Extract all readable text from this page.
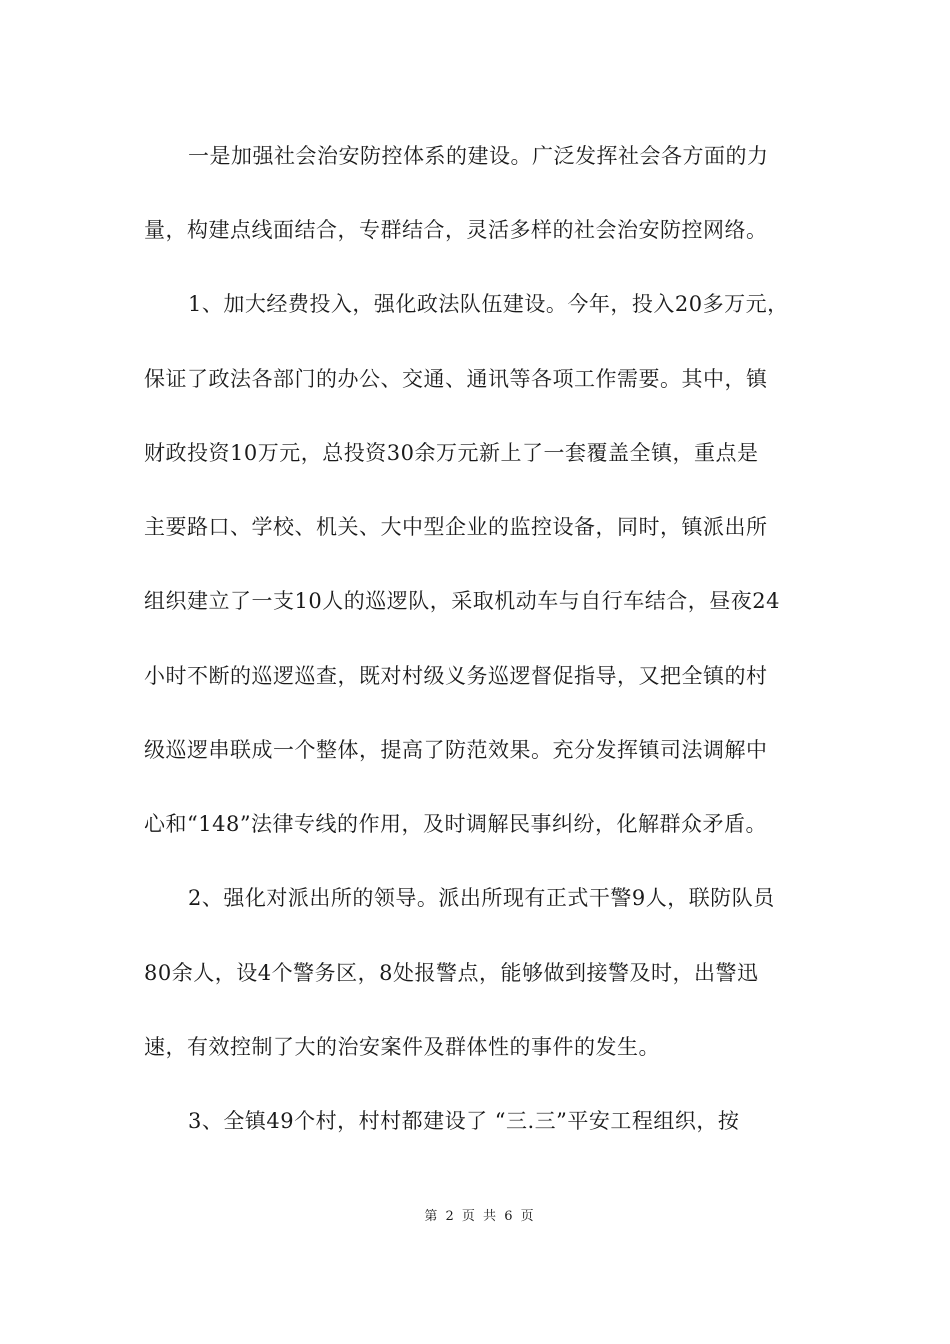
一是加强社会治安防控体系的建设。广泛发挥社会各方面的力
量，构建点线面结合，专群结合，灵活多样的社会治安防控网络。
1、加大经费投入，强化政法队伍建设。今年，投入20多万元，
保证了政法各部门的办公、交通、通讯等各项工作需要。其中，镇
财政投资10万元，总投资30余万元新上了一套覆盖全镇，重点是
主要路口、学校、机关、大中型企业的监控设备，同时，镇派出所
组织建立了一支10人的巡逻队，采取机动车与自行车结合，昼夜24
小时不断的巡逻巡查，既对村级义务巡逻督促指导，又把全镇的村
级巡逻串联成一个整体，提高了防范效果。充分发挥镇司法调解中
心和“148”法律专线的作用，及时调解民事纠纷，化解群众矛盾。
2、强化对派出所的领导。派出所现有正式干警9人，联防队员
80余人，设4个警务区，8处报警点，能够做到接警及时，出警迅
速，有效控制了大的治安案件及群体性的事件的发生。
3、全镇49个村，村村都建设了 “三.三”平安工程组织，按
第 2 页 共 6 页
